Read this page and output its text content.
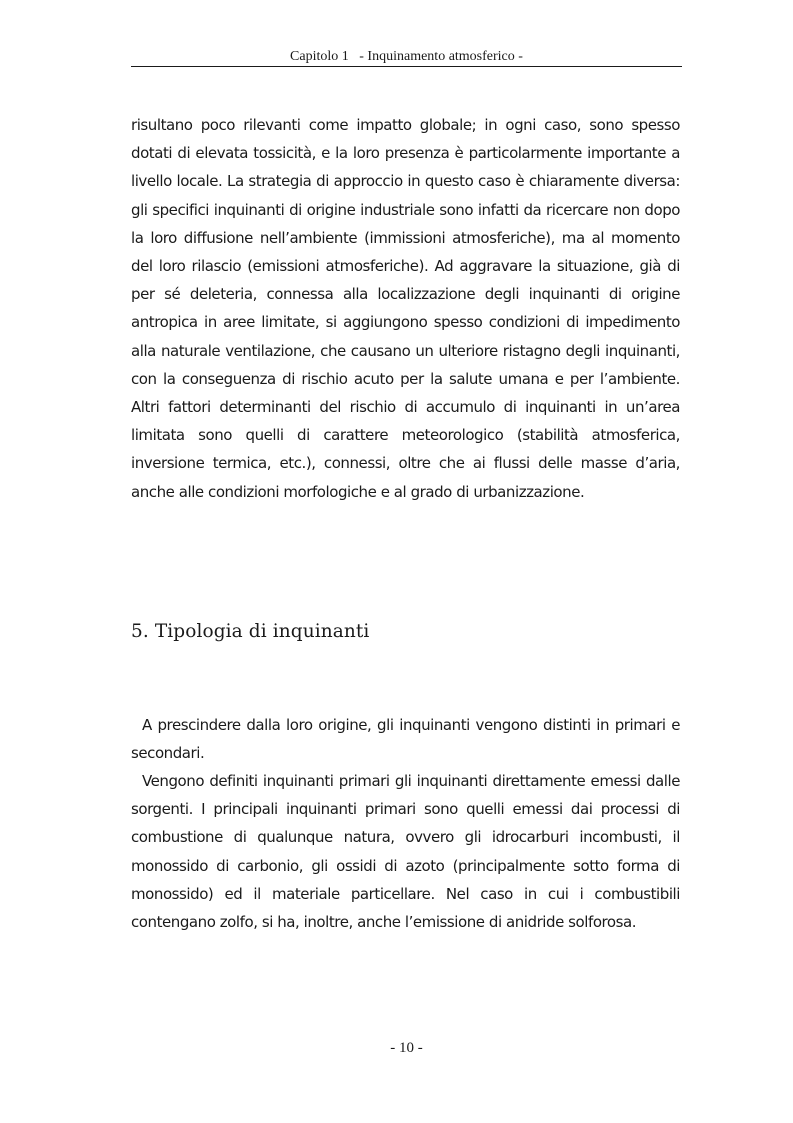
Capitolo 1   - Inquinamento atmosferico -

risultano poco rilevanti come impatto globale; in ogni caso, sono spesso dotati di elevata tossicità, e la loro presenza è particolarmente importante a livello locale. La strategia di approccio in questo caso è chiaramente diversa: gli specifici inquinanti di origine industriale sono infatti da ricercare non dopo la loro diffusione nell’ambiente (immissioni atmosferiche), ma al momento del loro rilascio (emissioni atmosferiche). Ad aggravare la situazione, già di per sé deleteria, connessa alla localizzazione degli inquinanti di origine antropica in aree limitate, si aggiungono spesso condizioni di impedimento alla naturale ventilazione, che causano un ulteriore ristagno degli inquinanti, con la conseguenza di rischio acuto per la salute umana e per l’ambiente. Altri fattori determinanti del rischio di accumulo di inquinanti in un’area limitata sono quelli di carattere meteorologico (stabilità atmosferica, inversione termica, etc.), connessi, oltre che ai flussi delle masse d’aria, anche alle condizioni morfologiche e al grado di urbanizzazione.

5. Tipologia di inquinanti

A prescindere dalla loro origine, gli inquinanti vengono distinti in primari e secondari.

Vengono definiti inquinanti primari gli inquinanti direttamente emessi dalle sorgenti. I principali inquinanti primari sono quelli emessi dai processi di combustione di qualunque natura, ovvero gli idrocarburi incombusti, il monossido di carbonio, gli ossidi di azoto (principalmente sotto forma di monossido) ed il materiale particellare. Nel caso in cui i combustibili contengano zolfo, si ha, inoltre, anche l’emissione di anidride solforosa.

- 10 -
